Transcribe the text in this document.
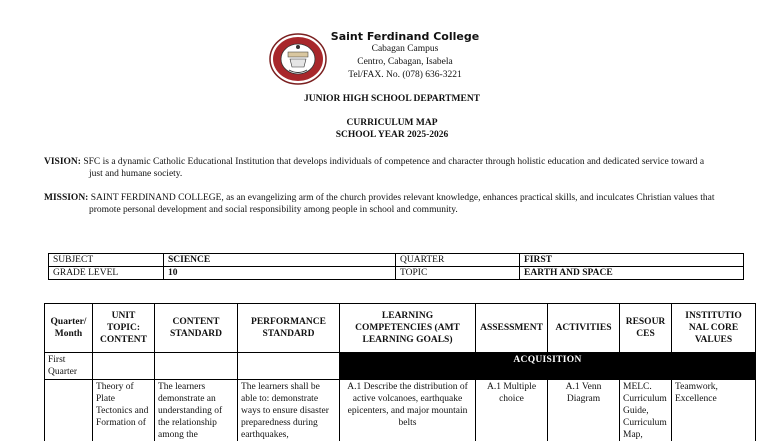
Saint Ferdinand College
Cabagan Campus
Centro, Cabagan, Isabela
Tel/FAX. No. (078) 636-3221
JUNIOR HIGH SCHOOL DEPARTMENT
CURRICULUM MAP
SCHOOL YEAR 2025-2026
VISION: SFC is a dynamic Catholic Educational Institution that develops individuals of competence and character through holistic education and dedicated service toward a
just and humane society.
MISSION: SAINT FERDINAND COLLEGE, as an evangelizing arm of the church provides relevant knowledge, enhances practical skills, and inculcates Christian values that
promote personal development and social responsibility among people in school and community.
SUBJECT	SCIENCE	QUARTER	FIRST
GRADE LEVEL	10	TOPIC	EARTH AND SPACE
Quarter/ Month	UNIT TOPIC: CONTENT	CONTENT STANDARD	PERFORMANCE STANDARD	LEARNING COMPETENCIES (AMT LEARNING GOALS)	ASSESSMENT	ACTIVITIES	RESOUR CES	INSTITUTIO NAL CORE VALUES
First Quarter				ACQUISITION				
	Theory of Plate Tectonics and Formation of	The learners demonstrate an understanding of the relationship among the	The learners shall be able to: demonstrate ways to ensure disaster preparedness during earthquakes,	A.1 Describe the distribution of active volcanoes, earthquake epicenters, and major mountain belts	A.1 Multiple choice	A.1 Venn Diagram	MELC. Curriculum Guide, Curriculum Map,	Teamwork, Excellence
